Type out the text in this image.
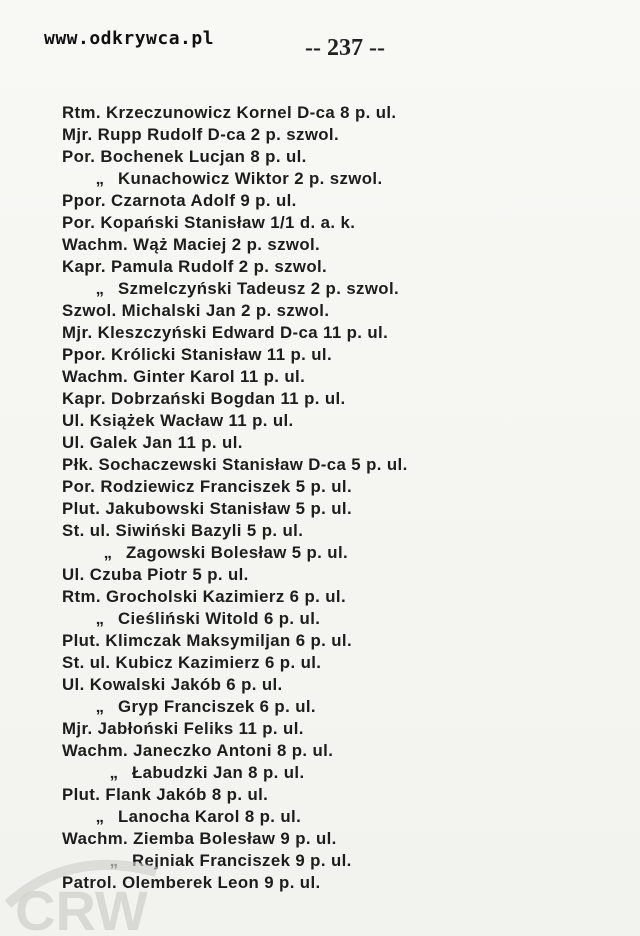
www.odkrywca.pl	-- 237 --
Rtm. Krzeczunowicz Kornel D-ca 8 p. ul.
Mjr. Rupp Rudolf D-ca 2 p. szwol.
Por. Bochenek Lucjan 8 p. ul.
„ Kunachowicz Wiktor 2 p. szwol.
Ppor. Czarnota Adolf 9 p. ul.
Por. Kopański Stanisław 1/1 d. a. k.
Wachm. Wąż Maciej 2 p. szwol.
Kapr. Pamula Rudolf 2 p. szwol.
„ Szmelczyński Tadeusz 2 p. szwol.
Szwol. Michalski Jan 2 p. szwol.
Mjr. Kleszczyński Edward D-ca 11 p. ul.
Ppor. Królicki Stanisław 11 p. ul.
Wachm. Ginter Karol 11 p. ul.
Kapr. Dobrzański Bogdan 11 p. ul.
Ul. Książek Wacław 11 p. ul.
Ul. Galek Jan 11 p. ul.
Płk. Sochaczewski Stanisław D-ca 5 p. ul.
Por. Rodziewicz Franciszek 5 p. ul.
Plut. Jakubowski Stanisław 5 p. ul.
St. ul. Siwiński Bazyli 5 p. ul.
„ Zagowski Bolesław 5 p. ul.
Ul. Czuba Piotr 5 p. ul.
Rtm. Grocholski Kazimierz 6 p. ul.
„ Cieśliński Witold 6 p. ul.
Plut. Klimczak Maksymiljan 6 p. ul.
St. ul. Kubicz Kazimierz 6 p. ul.
Ul. Kowalski Jakób 6 p. ul.
„ Gryp Franciszek 6 p. ul.
Mjr. Jabłoński Feliks 11 p. ul.
Wachm. Janeczko Antoni 8 p. ul.
„ Łabudzki Jan 8 p. ul.
Plut. Flank Jakób 8 p. ul.
„ Lanocha Karol 8 p. ul.
Wachm. Ziemba Bolesław 9 p. ul.
„ Rejniak Franciszek 9 p. ul.
Patrol. Olemberek Leon 9 p. ul.
CRW
